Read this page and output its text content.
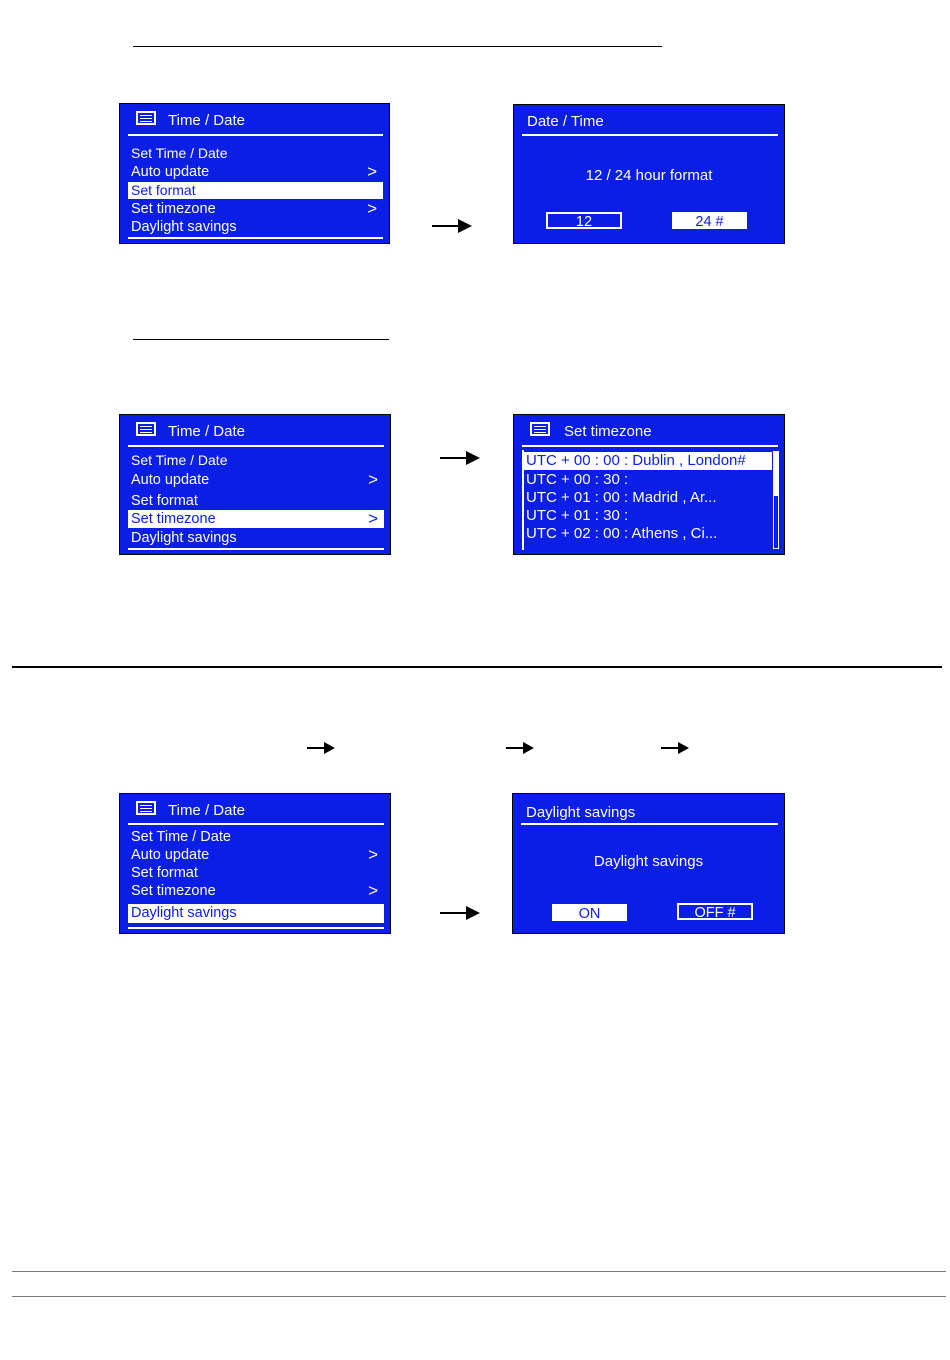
Time / Date
Set Time / Date
Auto update	>
Set format
Set timezone	>
Daylight savings
Date / Time
12 / 24 hour format
12	24 #
Time / Date
Set Time / Date
Auto update	>
Set format
Set timezone	>
Daylight savings
Set timezone
UTC + 00 : 00 : Dublin , London#
UTC + 00 : 30 :
UTC + 01 : 00 : Madrid , Ar...
UTC + 01 : 30 :
UTC + 02 : 00 : Athens , Ci...
Time / Date
Set Time / Date
Auto update	>
Set format
Set timezone	>
Daylight savings
Daylight savings
Daylight savings
ON	OFF #
